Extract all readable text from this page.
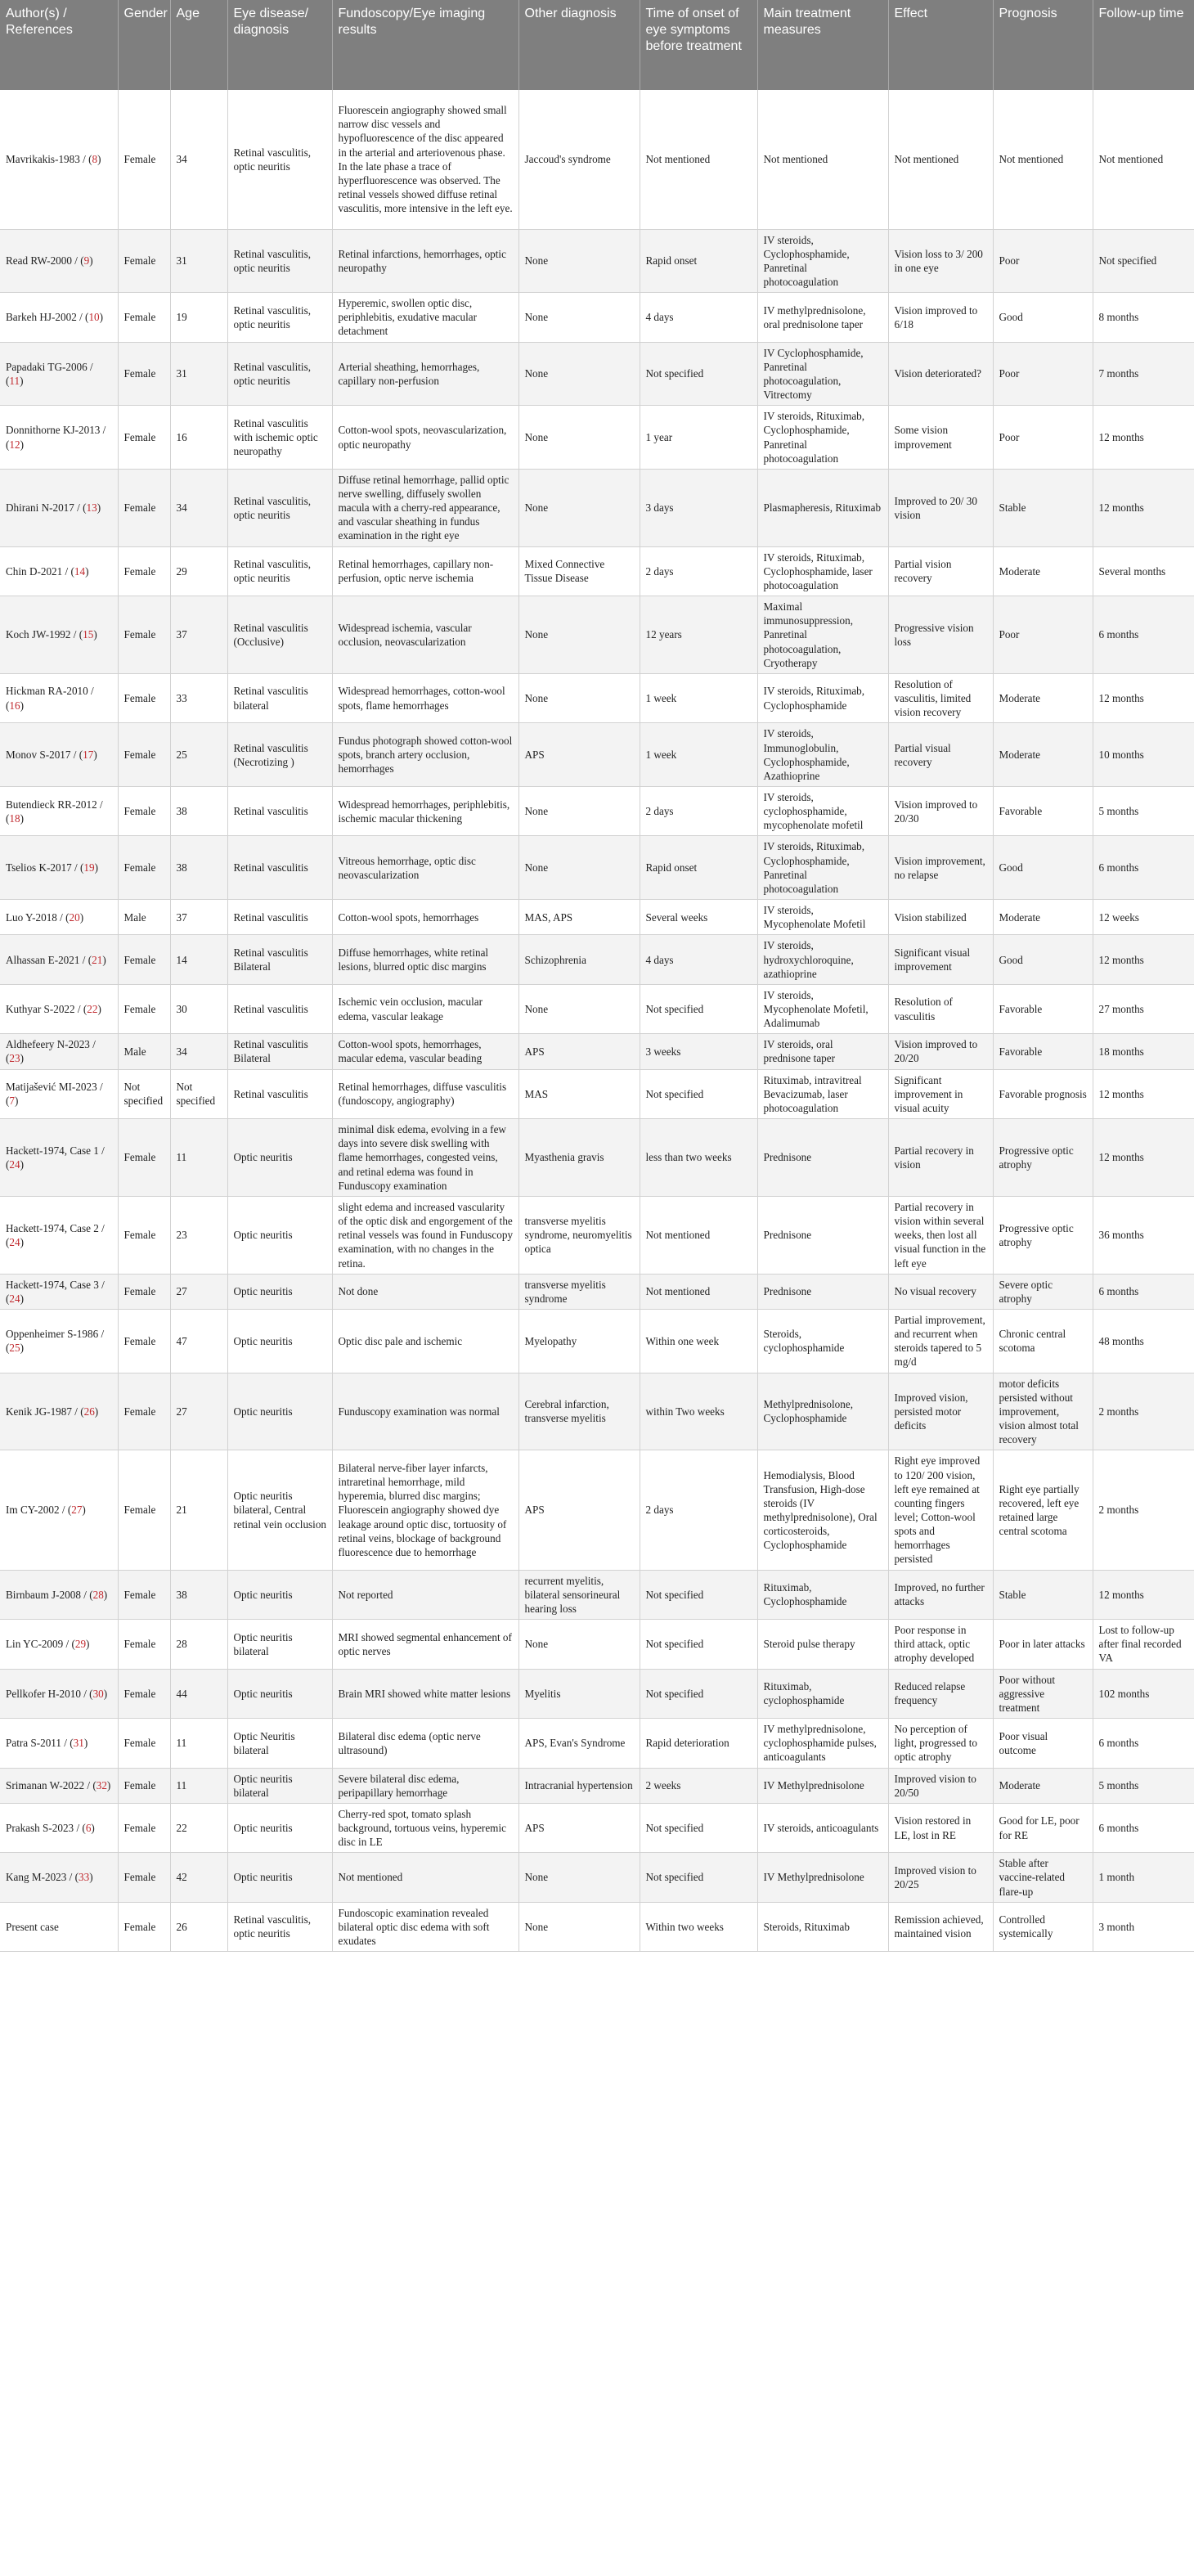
Author(s) / References	Gender	Age	Eye disease/ diagnosis	Fundoscopy/Eye imaging results	Other diagnosis	Time of onset of eye symptoms before treatment	Main treatment measures	Effect	Prognosis	Follow-up time
Mavrikakis-1983 / (8)	Female	34	Retinal vasculitis, optic neuritis	Fluorescein angiography showed small narrow disc vessels and hypofluorescence of the disc appeared in the arterial and arteriovenous phase. In the late phase a trace of hyperfluorescence was observed. The retinal vessels showed diffuse retinal vasculitis, more intensive in the left eye.	Jaccoud's syndrome	Not mentioned	Not mentioned	Not mentioned	Not mentioned	Not mentioned
Read RW-2000 / (9)	Female	31	Retinal vasculitis, optic neuritis	Retinal infarctions, hemorrhages, optic neuropathy	None	Rapid onset	IV steroids, Cyclophosphamide, Panretinal photocoagulation	Vision loss to 3/ 200 in one eye	Poor	Not specified
Barkeh HJ-2002 / (10)	Female	19	Retinal vasculitis, optic neuritis	Hyperemic, swollen optic disc, periphlebitis, exudative macular detachment	None	4 days	IV methylprednisolone, oral prednisolone taper	Vision improved to 6/18	Good	8 months
Papadaki TG-2006 / (11)	Female	31	Retinal vasculitis, optic neuritis	Arterial sheathing, hemorrhages, capillary non-perfusion	None	Not specified	IV Cyclophosphamide, Panretinal photocoagulation, Vitrectomy	Vision deteriorated?	Poor	7 months
Donnithorne KJ-2013 / (12)	Female	16	Retinal vasculitis with ischemic optic neuropathy	Cotton-wool spots, neovascularization, optic neuropathy	None	1 year	IV steroids, Rituximab, Cyclophosphamide, Panretinal photocoagulation	Some vision improvement	Poor	12 months
Dhirani N-2017 / (13)	Female	34	Retinal vasculitis, optic neuritis	Diffuse retinal hemorrhage, pallid optic nerve swelling, diffusely swollen macula with a cherry-red appearance, and vascular sheathing in fundus examination in the right eye	None	3 days	Plasmapheresis, Rituximab	Improved to 20/ 30 vision	Stable	12 months
Chin D-2021 / (14)	Female	29	Retinal vasculitis, optic neuritis	Retinal hemorrhages, capillary non-perfusion, optic nerve ischemia	Mixed Connective Tissue Disease	2 days	IV steroids, Rituximab, Cyclophosphamide, laser photocoagulation	Partial vision recovery	Moderate	Several months
Koch JW-1992 / (15)	Female	37	Retinal vasculitis (Occlusive)	Widespread ischemia, vascular occlusion, neovascularization	None	12 years	Maximal immunosuppression, Panretinal photocoagulation, Cryotherapy	Progressive vision loss	Poor	6 months
Hickman RA-2010 / (16)	Female	33	Retinal vasculitis bilateral	Widespread hemorrhages, cotton-wool spots, flame hemorrhages	None	1 week	IV steroids, Rituximab, Cyclophosphamide	Resolution of vasculitis, limited vision recovery	Moderate	12 months
Monov S-2017 / (17)	Female	25	Retinal vasculitis (Necrotizing )	Fundus photograph showed cotton-wool spots, branch artery occlusion, hemorrhages	APS	1 week	IV steroids, Immunoglobulin, Cyclophosphamide, Azathioprine	Partial visual recovery	Moderate	10 months
Butendieck RR-2012 / (18)	Female	38	Retinal vasculitis	Widespread hemorrhages, periphlebitis, ischemic macular thickening	None	2 days	IV steroids, cyclophosphamide, mycophenolate mofetil	Vision improved to 20/30	Favorable	5 months
Tselios K-2017 / (19)	Female	38	Retinal vasculitis	Vitreous hemorrhage, optic disc neovascularization	None	Rapid onset	IV steroids, Rituximab, Cyclophosphamide, Panretinal photocoagulation	Vision improvement, no relapse	Good	6 months
Luo Y-2018 / (20)	Male	37	Retinal vasculitis	Cotton-wool spots, hemorrhages	MAS, APS	Several weeks	IV steroids, Mycophenolate Mofetil	Vision stabilized	Moderate	12 weeks
Alhassan E-2021 / (21)	Female	14	Retinal vasculitis Bilateral	Diffuse hemorrhages, white retinal lesions, blurred optic disc margins	Schizophrenia	4 days	IV steroids, hydroxychloroquine, azathioprine	Significant visual improvement	Good	12 months
Kuthyar S-2022 / (22)	Female	30	Retinal vasculitis	Ischemic vein occlusion, macular edema, vascular leakage	None	Not specified	IV steroids, Mycophenolate Mofetil, Adalimumab	Resolution of vasculitis	Favorable	27 months
Aldhefeery N-2023 / (23)	Male	34	Retinal vasculitis Bilateral	Cotton-wool spots, hemorrhages, macular edema, vascular beading	APS	3 weeks	IV steroids, oral prednisone taper	Vision improved to 20/20	Favorable	18 months
Matijašević MI-2023 / (7)	Not specified	Not specified	Retinal vasculitis	Retinal hemorrhages, diffuse vasculitis (fundoscopy, angiography)	MAS	Not specified	Rituximab, intravitreal Bevacizumab, laser photocoagulation	Significant improvement in visual acuity	Favorable prognosis	12 months
Hackett-1974, Case 1 / (24)	Female	11	Optic neuritis	minimal disk edema, evolving in a few days into severe disk swelling with flame hemorrhages, congested veins, and retinal edema was found in Funduscopy examination	Myasthenia gravis	less than two weeks	Prednisone	Partial recovery in vision	Progressive optic atrophy	12 months
Hackett-1974, Case 2 / (24)	Female	23	Optic neuritis	slight edema and increased vascularity of the optic disk and engorgement of the retinal vessels was found in Funduscopy examination, with no changes in the retina.	transverse myelitis syndrome, neuromyelitis optica	Not mentioned	Prednisone	Partial recovery in vision within several weeks, then lost all visual function in the left eye	Progressive optic atrophy	36 months
Hackett-1974, Case 3 / (24)	Female	27	Optic neuritis	Not done	transverse myelitis syndrome	Not mentioned	Prednisone	No visual recovery	Severe optic atrophy	6 months
Oppenheimer S-1986 / (25)	Female	47	Optic neuritis	Optic disc pale and ischemic	Myelopathy	Within one week	Steroids, cyclophosphamide	Partial improvement, and recurrent when steroids tapered to 5 mg/d	Chronic central scotoma	48 months
Kenik JG-1987 / (26)	Female	27	Optic neuritis	Funduscopy examination was normal	Cerebral infarction, transverse myelitis	within Two weeks	Methylprednisolone, Cyclophosphamide	Improved vision, persisted motor deficits	motor deficits persisted without improvement, vision almost total recovery	2 months
Im CY-2002 / (27)	Female	21	Optic neuritis bilateral, Central retinal vein occlusion	Bilateral nerve-fiber layer infarcts, intraretinal hemorrhage, mild hyperemia, blurred disc margins; Fluorescein angiography showed dye leakage around optic disc, tortuosity of retinal veins, blockage of background fluorescence due to hemorrhage	APS	2 days	Hemodialysis, Blood Transfusion, High-dose steroids (IV methylprednisolone), Oral corticosteroids, Cyclophosphamide	Right eye improved to 120/ 200 vision, left eye remained at counting fingers level; Cotton-wool spots and hemorrhages persisted	Right eye partially recovered, left eye retained large central scotoma	2 months
Birnbaum J-2008 / (28)	Female	38	Optic neuritis	Not reported	recurrent myelitis, bilateral sensorineural hearing loss	Not specified	Rituximab, Cyclophosphamide	Improved, no further attacks	Stable	12 months
Lin YC-2009 / (29)	Female	28	Optic neuritis bilateral	MRI showed segmental enhancement of optic nerves	None	Not specified	Steroid pulse therapy	Poor response in third attack, optic atrophy developed	Poor in later attacks	Lost to follow-up after final recorded VA
Pellkofer H-2010 / (30)	Female	44	Optic neuritis	Brain MRI showed white matter lesions	Myelitis	Not specified	Rituximab, cyclophosphamide	Reduced relapse frequency	Poor without aggressive treatment	102 months
Patra S-2011 / (31)	Female	11	Optic Neuritis bilateral	Bilateral disc edema (optic nerve ultrasound)	APS, Evan's Syndrome	Rapid deterioration	IV methylprednisolone, cyclophosphamide pulses, anticoagulants	No perception of light, progressed to optic atrophy	Poor visual outcome	6 months
Srimanan W-2022 / (32)	Female	11	Optic neuritis bilateral	Severe bilateral disc edema, peripapillary hemorrhage	Intracranial hypertension	2 weeks	IV Methylprednisolone	Improved vision to 20/50	Moderate	5 months
Prakash S-2023 / (6)	Female	22	Optic neuritis	Cherry-red spot, tomato splash background, tortuous veins, hyperemic disc in LE	APS	Not specified	IV steroids, anticoagulants	Vision restored in LE, lost in RE	Good for LE, poor for RE	6 months
Kang M-2023 / (33)	Female	42	Optic neuritis	Not mentioned	None	Not specified	IV Methylprednisolone	Improved vision to 20/25	Stable after vaccine-related flare-up	1 month
Present case	Female	26	Retinal vasculitis, optic neuritis	Fundoscopic examination revealed bilateral optic disc edema with soft exudates	None	Within two weeks	Steroids, Rituximab	Remission achieved, maintained vision	Controlled systemically	3 month
